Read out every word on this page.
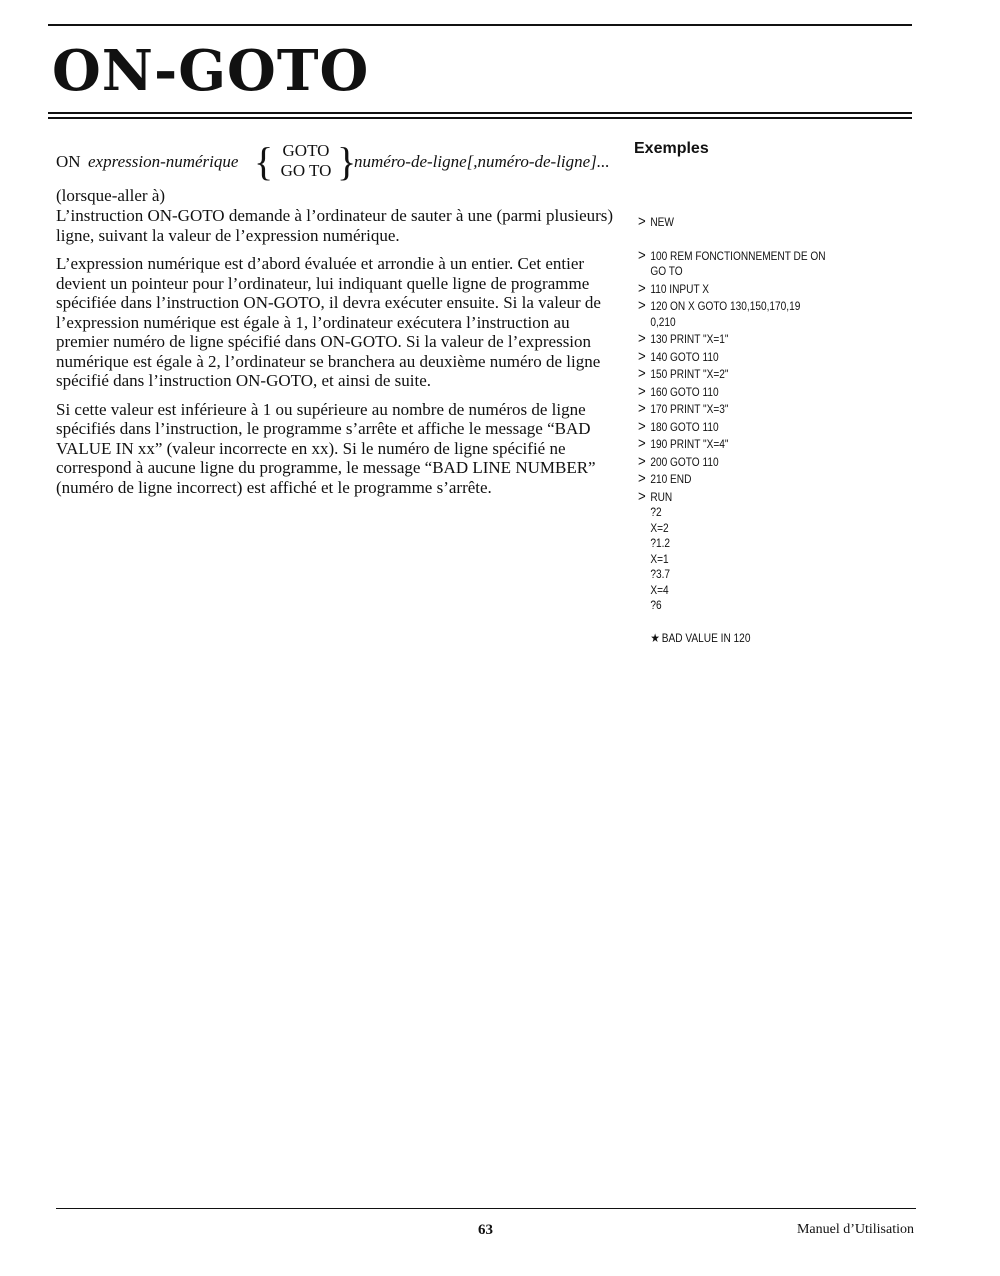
ON-GOTO
ON expression-numérique { GOTO
GO TO }
numéro-de-ligne[,numéro-de-ligne]...
(lorsque-aller à)

L’instruction ON-GOTO demande à l’ordinateur de sauter à une (parmi plusieurs) ligne, suivant la valeur de l’expression numérique.

L’expression numérique est d’abord évaluée et arrondie à un entier. Cet entier devient un pointeur pour l’ordinateur, lui indiquant quelle ligne de programme spécifiée dans l’instruction ON-GOTO, il devra exécuter ensuite. Si la valeur de l’expression numérique est égale à 1, l’ordinateur exécutera l’instruction au premier numéro de ligne spécifié dans ON-GOTO. Si la valeur de l’expression numérique est égale à 2, l’ordinateur se branchera au deuxième numéro de ligne spécifié dans l’instruction ON-GOTO, et ainsi de suite.

Si cette valeur est inférieure à 1 ou supérieure au nombre de numéros de ligne spécifiés dans l’instruction, le programme s’arrête et affiche le message “BAD VALUE IN xx” (valeur incorrecte en xx). Si le numéro de ligne spécifié ne correspond à aucune ligne du programme, le message “BAD LINE NUMBER” (numéro de ligne incorrect) est affiché et le programme s’arrête.

Exemples
> NEW
> 100 REM FONCTIONNEMENT DE ON
GO TO
> 110 INPUT X
> 120 ON X GOTO 130,150,170,19
0,210
> 130 PRINT "X=1"
> 140 GOTO 110
> 150 PRINT "X=2"
> 160 GOTO 110
> 170 PRINT "X=3"
> 180 GOTO 110
> 190 PRINT "X=4"
> 200 GOTO 110
> 210 END
> RUN
?2
X=2
?1.2
X=1
?3.7
X=4
?6
★ BAD VALUE IN 120
63	Manuel d’Utilisation
